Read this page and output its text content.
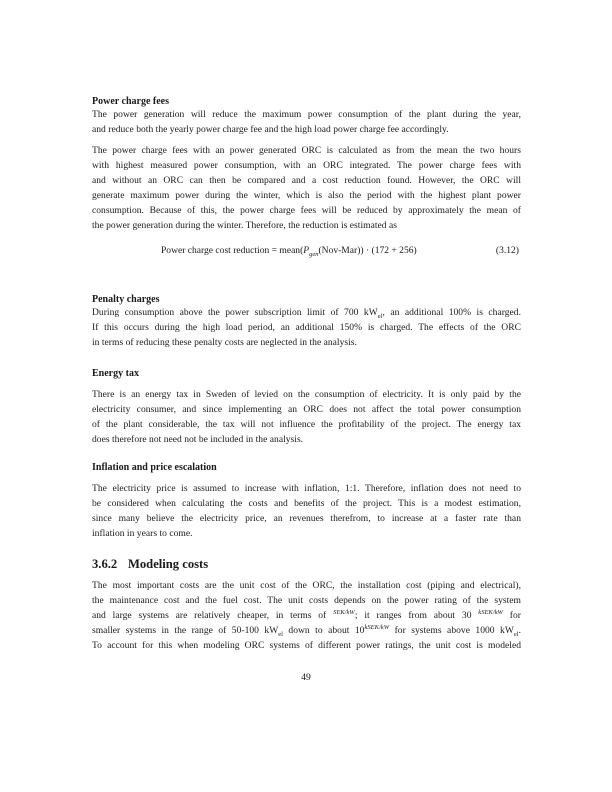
Power charge fees

The power generation will reduce the maximum power consumption of the plant during the year,
and reduce both the yearly power charge fee and the high load power charge fee accordingly.

The power charge fees with an power generated ORC is calculated as from the mean the two hours
with highest measured power consumption, with an ORC integrated. The power charge fees with
and without an ORC can then be compared and a cost reduction found. However, the ORC will
generate maximum power during the winter, which is also the period with the highest plant power
consumption. Because of this, the power charge fees will be reduced by approximately the mean of
the power generation during the winter. Therefore, the reduction is estimated as

Power charge cost reduction = $mean(P_{gen}(Nov-Mar)) \cdot (172 + 256)$	(3.12)

Penalty charges

During consumption above the power subscription limit of 700 $kW_{el}$, an additional 100% is charged.
If this occurs during the high load period, an additional 150% is charged. The effects of the ORC
in terms of reducing these penalty costs are neglected in the analysis.

Energy tax

There is an energy tax in Sweden of levied on the consumption of electricity. It is only paid by the
electricity consumer, and since implementing an ORC does not affect the total power consumption
of the plant considerable, the tax will not influence the profitability of the project. The energy tax
does therefore not need not be included in the analysis.

Inflation and price escalation

The electricity price is assumed to increase with inflation, 1:1. Therefore, inflation does not need to
be considered when calculating the costs and benefits of the project. This is a modest estimation,
since many believe the electricity price, an revenues therefrom, to increase at a faster rate than
inflation in years to come.

3.6.2 Modeling costs

The most important costs are the unit cost of the ORC, the installation cost (piping and electrical),
the maintenance cost and the fuel cost. The unit costs depends on the power rating of the system
and large systems are relatively cheaper, in terms of $^{SEK/kW}$; it ranges from about 30 $^{kSEK/kW}$ for
smaller systems in the range of 50-100 $kW_{el}$ down to about $10^{kSEK/kW}$ for systems above 1000 $kW_{el}$.
To account for this when modeling ORC systems of different power ratings, the unit cost is modeled

49
